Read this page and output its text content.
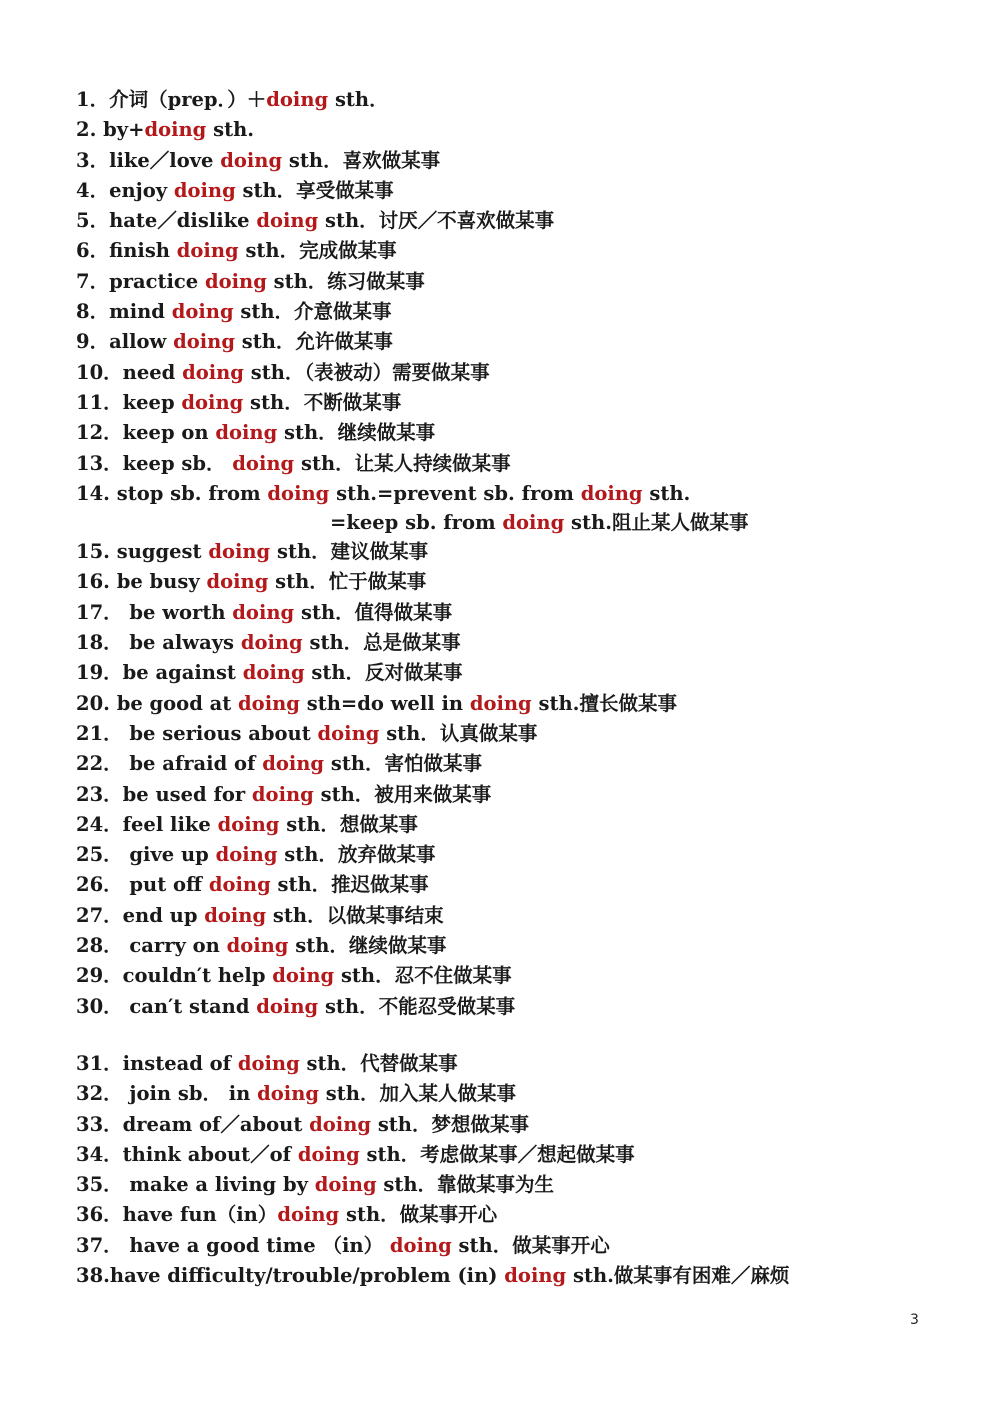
1．介词（prep．）＋doing sth．
2. by+doing sth.
3．like／love doing sth．喜欢做某事
4．enjoy doing sth．享受做某事
5．hate／dislike doing sth．讨厌／不喜欢做某事
6．finish doing sth．完成做某事
7．practice doing sth．练习做某事
8．mind doing sth．介意做某事
9．allow doing sth．允许做某事
10．need doing sth．（表被动）需要做某事
11．keep doing sth．不断做某事
12．keep on doing sth．继续做某事
13．keep sb． doing sth．让某人持续做某事
14. stop sb. from doing sth.=prevent sb. from doing sth.
=keep sb. from doing sth.阻止某人做某事
15. suggest doing sth．建议做某事
16. be busy doing sth．忙于做某事
17． be worth doing sth．值得做某事
18． be always doing sth．总是做某事
19．be against doing sth．反对做某事
20. be good at doing sth=do well in doing sth.擅长做某事
21． be serious about doing sth．认真做某事
22． be afraid of doing sth．害怕做某事
23．be used for doing sth．被用来做某事
24．feel like doing sth．想做某事
25． give up doing sth．放弃做某事
26． put off doing sth．推迟做某事
27．end up doing sth．以做某事结束
28． carry on doing sth．继续做某事
29．couldn′t help doing sth．忍不住做某事
30． can′t stand doing sth．不能忍受做某事
31．instead of doing sth．代替做某事
32． join sb． in doing sth．加入某人做某事
33．dream of／about doing sth．梦想做某事
34．think about／of doing sth．考虑做某事／想起做某事
35． make a living by doing sth．靠做某事为生
36．have fun（in）doing sth．做某事开心
37． have a good time （in） doing sth．做某事开心
38.have difficulty/trouble/problem (in) doing sth.做某事有困难／麻烦
3
